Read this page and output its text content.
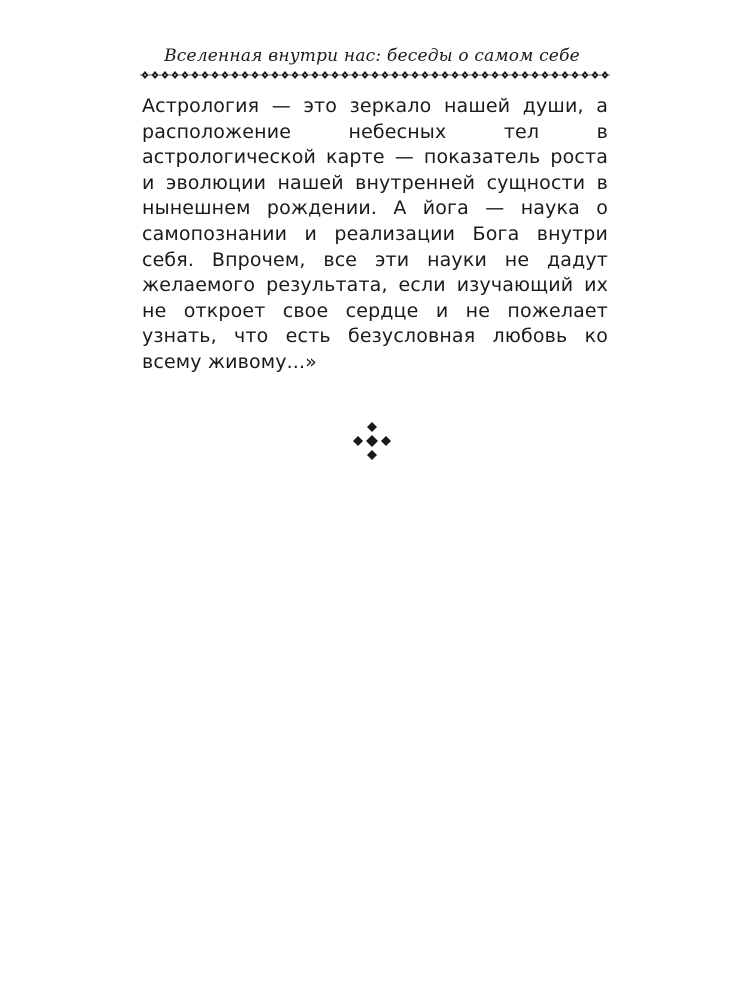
Вселенная внутри нас: беседы о самом себе

Астрология — это зеркало нашей души, а расположение небесных тел в астрологической карте — показатель роста и эволюции нашей внутренней сущности в нынешнем рождении. А йога — наука о самопознании и реализации Бога внутри себя. Впрочем, все эти науки не дадут желаемого результата, если изучающий их не откроет свое сердце и не пожелает узнать, что есть безусловная любовь ко всему живому...»
